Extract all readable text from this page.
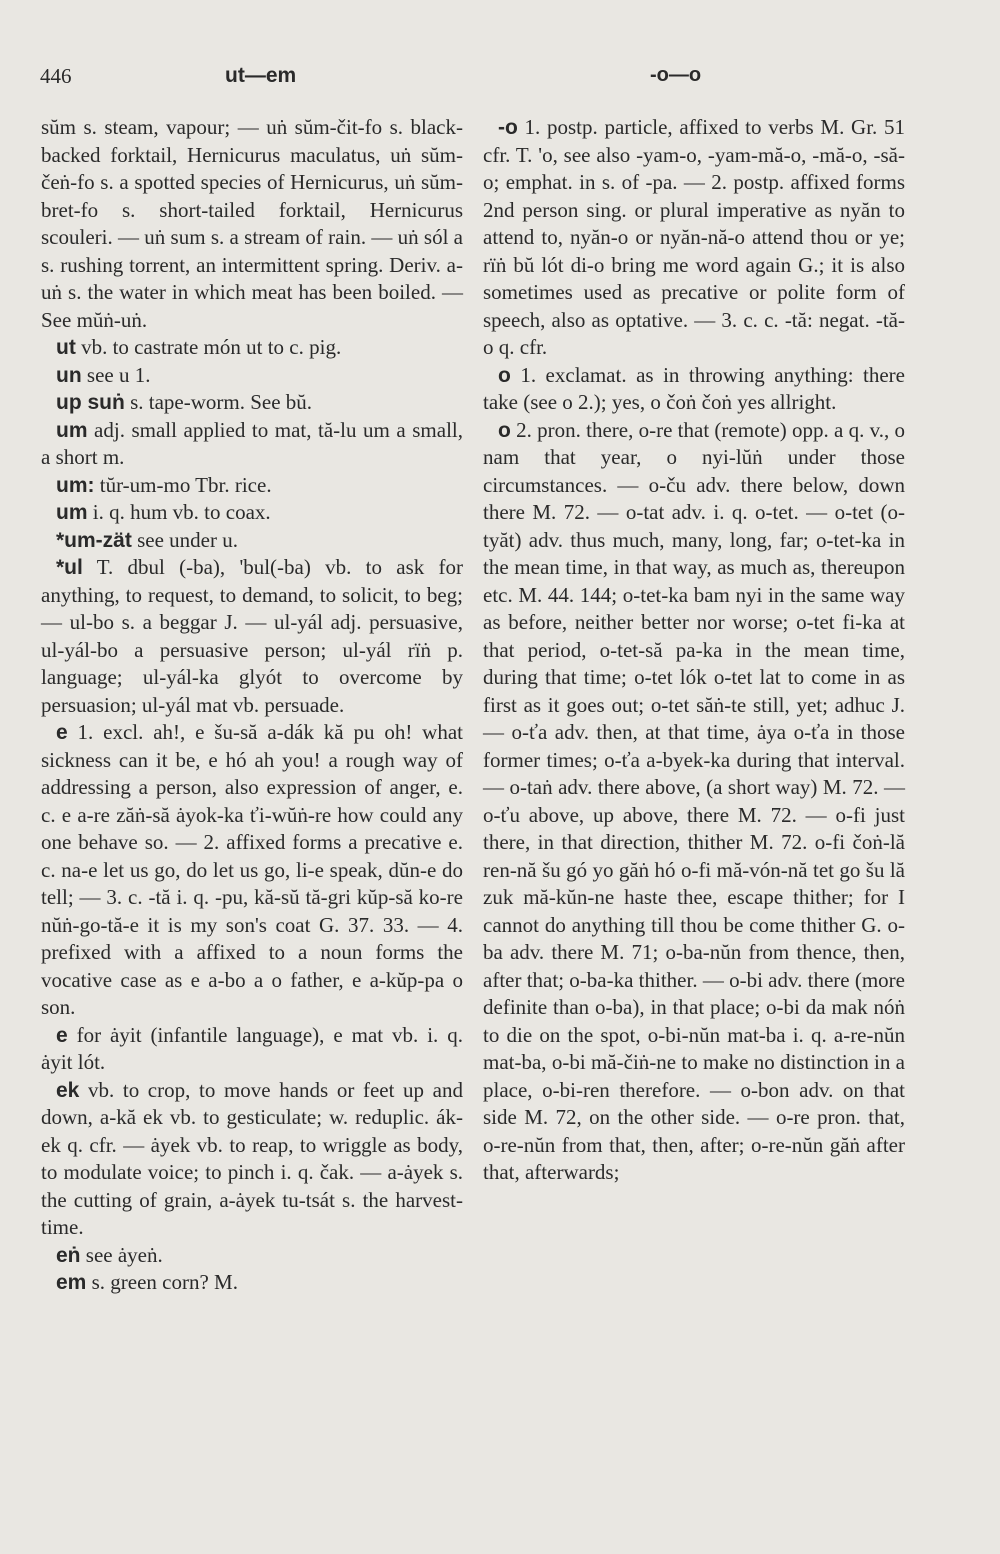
446	ut—em	-o—o

sŭm s. steam, vapour; — uṅ sŭm-čit-fo s. black-backed forktail, Hernicurus maculatus, uṅ sŭm-čeṅ-fo s. a spotted species of Hernicurus, uṅ sŭm-bret-fo s. short-tailed forktail, Hernicurus scouleri. — uṅ sum s. a stream of rain. — uṅ sól a s. rushing torrent, an intermittent spring. Deriv. a-uṅ s. the water in which meat has been boiled. — See mŭṅ-uṅ.

ut vb. to castrate món ut to c. pig.

un see u 1.

up suṅ s. tape-worm. See bŭ.

um adj. small applied to mat, tă-lu um a small, a short m.

um: tŭr-um-mo Tbr. rice.

um i. q. hum vb. to coax.

*um-zät see under u.

*ul T. dbul (-ba), 'bul(-ba) vb. to ask for anything, to request, to demand, to solicit, to beg; — ul-bo s. a beggar J. — ul-yál adj. persuasive, ul-yál-bo a persuasive person; ul-yál rïṅ p. language; ul-yál-ka glyót to overcome by persuasion; ul-yál mat vb. persuade.

e 1. excl. ah!, e šu-să a-dák kă pu oh! what sickness can it be, e hó ah you! a rough way of addressing a person, also expression of anger, e. c. e a-re zăṅ-să ȧyok-ka ťi-wŭṅ-re how could any one behave so. — 2. affixed forms a precative e. c. na-e let us go, do let us go, li-e speak, dŭn-e do tell; — 3. c. -tă i. q. -pu, kă-sŭ tă-gri kŭp-să ko-re nŭṅ-go-tă-e it is my son's coat G. 37. 33. — 4. prefixed with a affixed to a noun forms the vocative case as e a-bo a o father, e a-kŭp-pa o son.

e for ȧyit (infantile language), e mat vb. i. q. ȧyit lót.

ek vb. to crop, to move hands or feet up and down, a-kă ek vb. to gesticulate; w. reduplic. ák-ek q. cfr. — ȧyek vb. to reap, to wriggle as body, to modulate voice; to pinch i. q. čak. — a-ȧyek s. the cutting of grain, a-ȧyek tu-tsát s. the harvest-time.

eṅ see ȧyeṅ.

em s. green corn? M.

-o 1. postp. particle, affixed to verbs M. Gr. 51 cfr. T. 'o, see also -yam-o, -yam-mă-o, -mă-o, -să-o; emphat. in s. of -pa. — 2. postp. affixed forms 2nd person sing. or plural imperative as nyăn to attend to, nyăn-o or nyăn-nă-o attend thou or ye; rïṅ bŭ lót di-o bring me word again G.; it is also sometimes used as precative or polite form of speech, also as optative. — 3. c. c. -tă: negat. -tă-o q. cfr.

o 1. exclamat. as in throwing anything: there take (see o 2.); yes, o čoṅ čoṅ yes allright.

o 2. pron. there, o-re that (remote) opp. a q. v., o nam that year, o nyi-lŭṅ under those circumstances. — o-ču adv. there below, down there M. 72. — o-tat adv. i. q. o-tet. — o-tet (o-tyăt) adv. thus much, many, long, far; o-tet-ka in the mean time, in that way, as much as, thereupon etc. M. 44. 144; o-tet-ka bam nyi in the same way as before, neither better nor worse; o-tet fi-ka at that period, o-tet-să pa-ka in the mean time, during that time; o-tet lók o-tet lat to come in as first as it goes out; o-tet săṅ-te still, yet; adhuc J. — o-ťa adv. then, at that time, ȧya o-ťa in those former times; o-ťa a-byek-ka during that interval. — o-taṅ adv. there above, (a short way) M. 72. — o-ťu above, up above, there M. 72. — o-fi just there, in that direction, thither M. 72. o-fi čoṅ-lă ren-nă šu gó yo găṅ hó o-fi mă-vón-nă tet go šu lă zuk mă-kŭn-ne haste thee, escape thither; for I cannot do anything till thou be come thither G. o-ba adv. there M. 71; o-ba-nŭn from thence, then, after that; o-ba-ka thither. — o-bi adv. there (more definite than o-ba), in that place; o-bi da mak nóṅ to die on the spot, o-bi-nŭn mat-ba i. q. a-re-nŭn mat-ba, o-bi mă-čiṅ-ne to make no distinction in a place, o-bi-ren therefore. — o-bon adv. on that side M. 72, on the other side. — o-re pron. that, o-re-nŭn from that, then, after; o-re-nŭn găṅ after that, afterwards;
